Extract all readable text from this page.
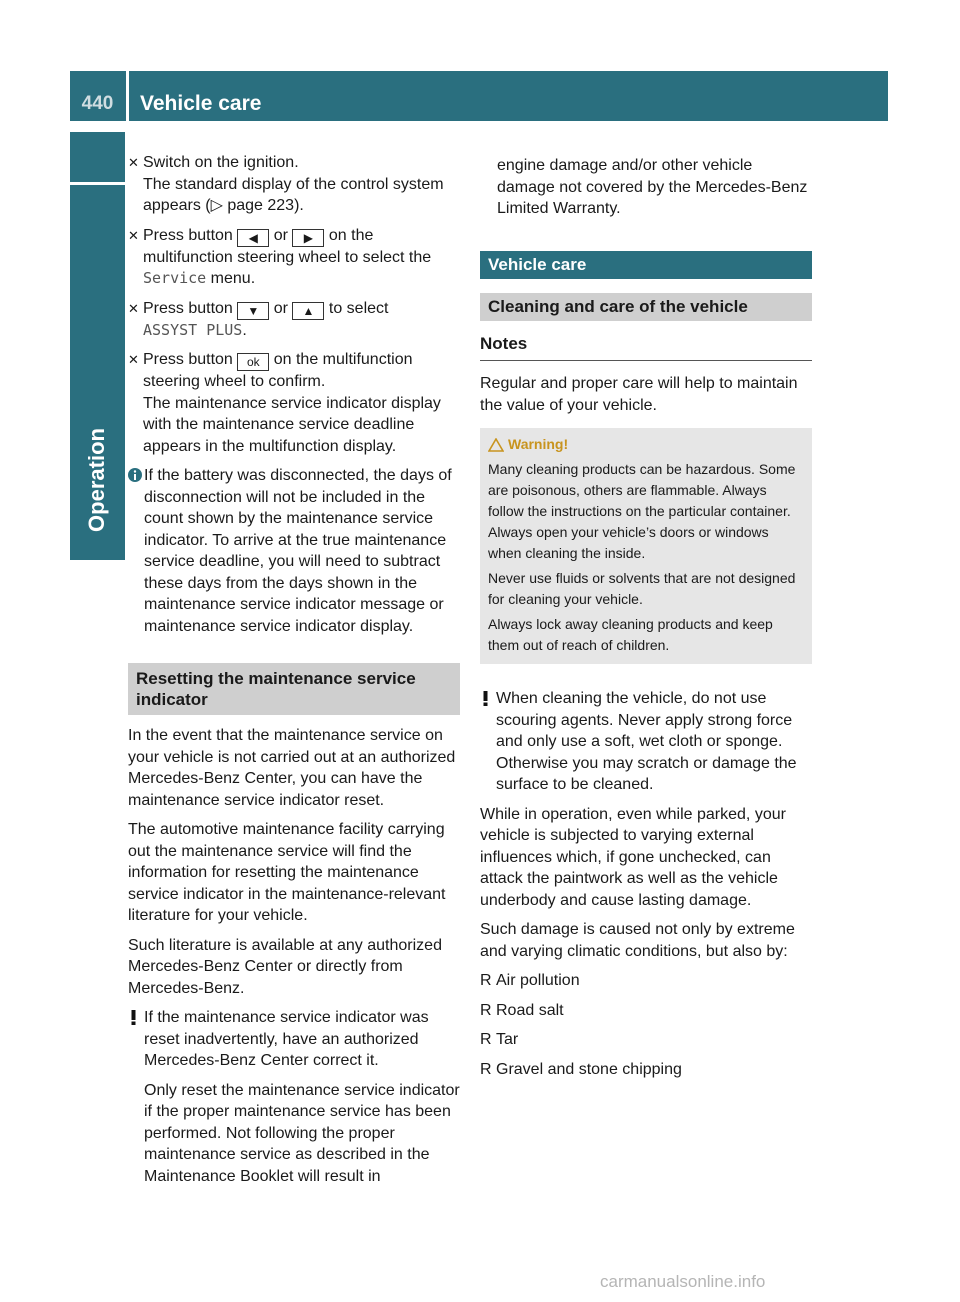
440	Vehicle care
Operation
✕ Switch on the ignition.
The standard display of the control system appears (▷ page 223).
✕ Press button ◀ or ▶ on the multifunction steering wheel to select the Service menu.
✕ Press button ▼ or ▲ to select
ASSYST PLUS.
✕ Press button ok on the multifunction steering wheel to confirm.
The maintenance service indicator display with the maintenance service deadline appears in the multifunction display.
If the battery was disconnected, the days of disconnection will not be included in the count shown by the maintenance service indicator. To arrive at the true maintenance service deadline, you will need to subtract these days from the days shown in the maintenance service indicator message or maintenance service indicator display.
Resetting the maintenance service indicator

In the event that the maintenance service on your vehicle is not carried out at an authorized Mercedes-Benz Center, you can have the maintenance service indicator reset.

The automotive maintenance facility carrying out the maintenance service will find the information for resetting the maintenance service indicator in the maintenance-relevant literature for your vehicle.

Such literature is available at any authorized Mercedes-Benz Center or directly from Mercedes-Benz.

If the maintenance service indicator was reset inadvertently, have an authorized Mercedes-Benz Center correct it.

Only reset the maintenance service indicator if the proper maintenance service has been performed. Not following the proper maintenance service as described in the Maintenance Booklet will result in

engine damage and/or other vehicle damage not covered by the Mercedes-Benz Limited Warranty.
Vehicle care
Cleaning and care of the vehicle
Notes

Regular and proper care will help to maintain the value of your vehicle.

Warning!

Many cleaning products can be hazardous. Some are poisonous, others are flammable. Always follow the instructions on the particular container. Always open your vehicle’s doors or windows when cleaning the inside.

Never use fluids or solvents that are not designed for cleaning your vehicle.

Always lock away cleaning products and keep them out of reach of children.

When cleaning the vehicle, do not use scouring agents. Never apply strong force and only use a soft, wet cloth or sponge. Otherwise you may scratch or damage the surface to be cleaned.

While in operation, even while parked, your vehicle is subjected to varying external influences which, if gone unchecked, can attack the paintwork as well as the vehicle underbody and cause lasting damage.

Such damage is caused not only by extreme and varying climatic conditions, but also by:

R Air pollution
R Road salt
R Tar
R Gravel and stone chipping
carmanualsonline.info
